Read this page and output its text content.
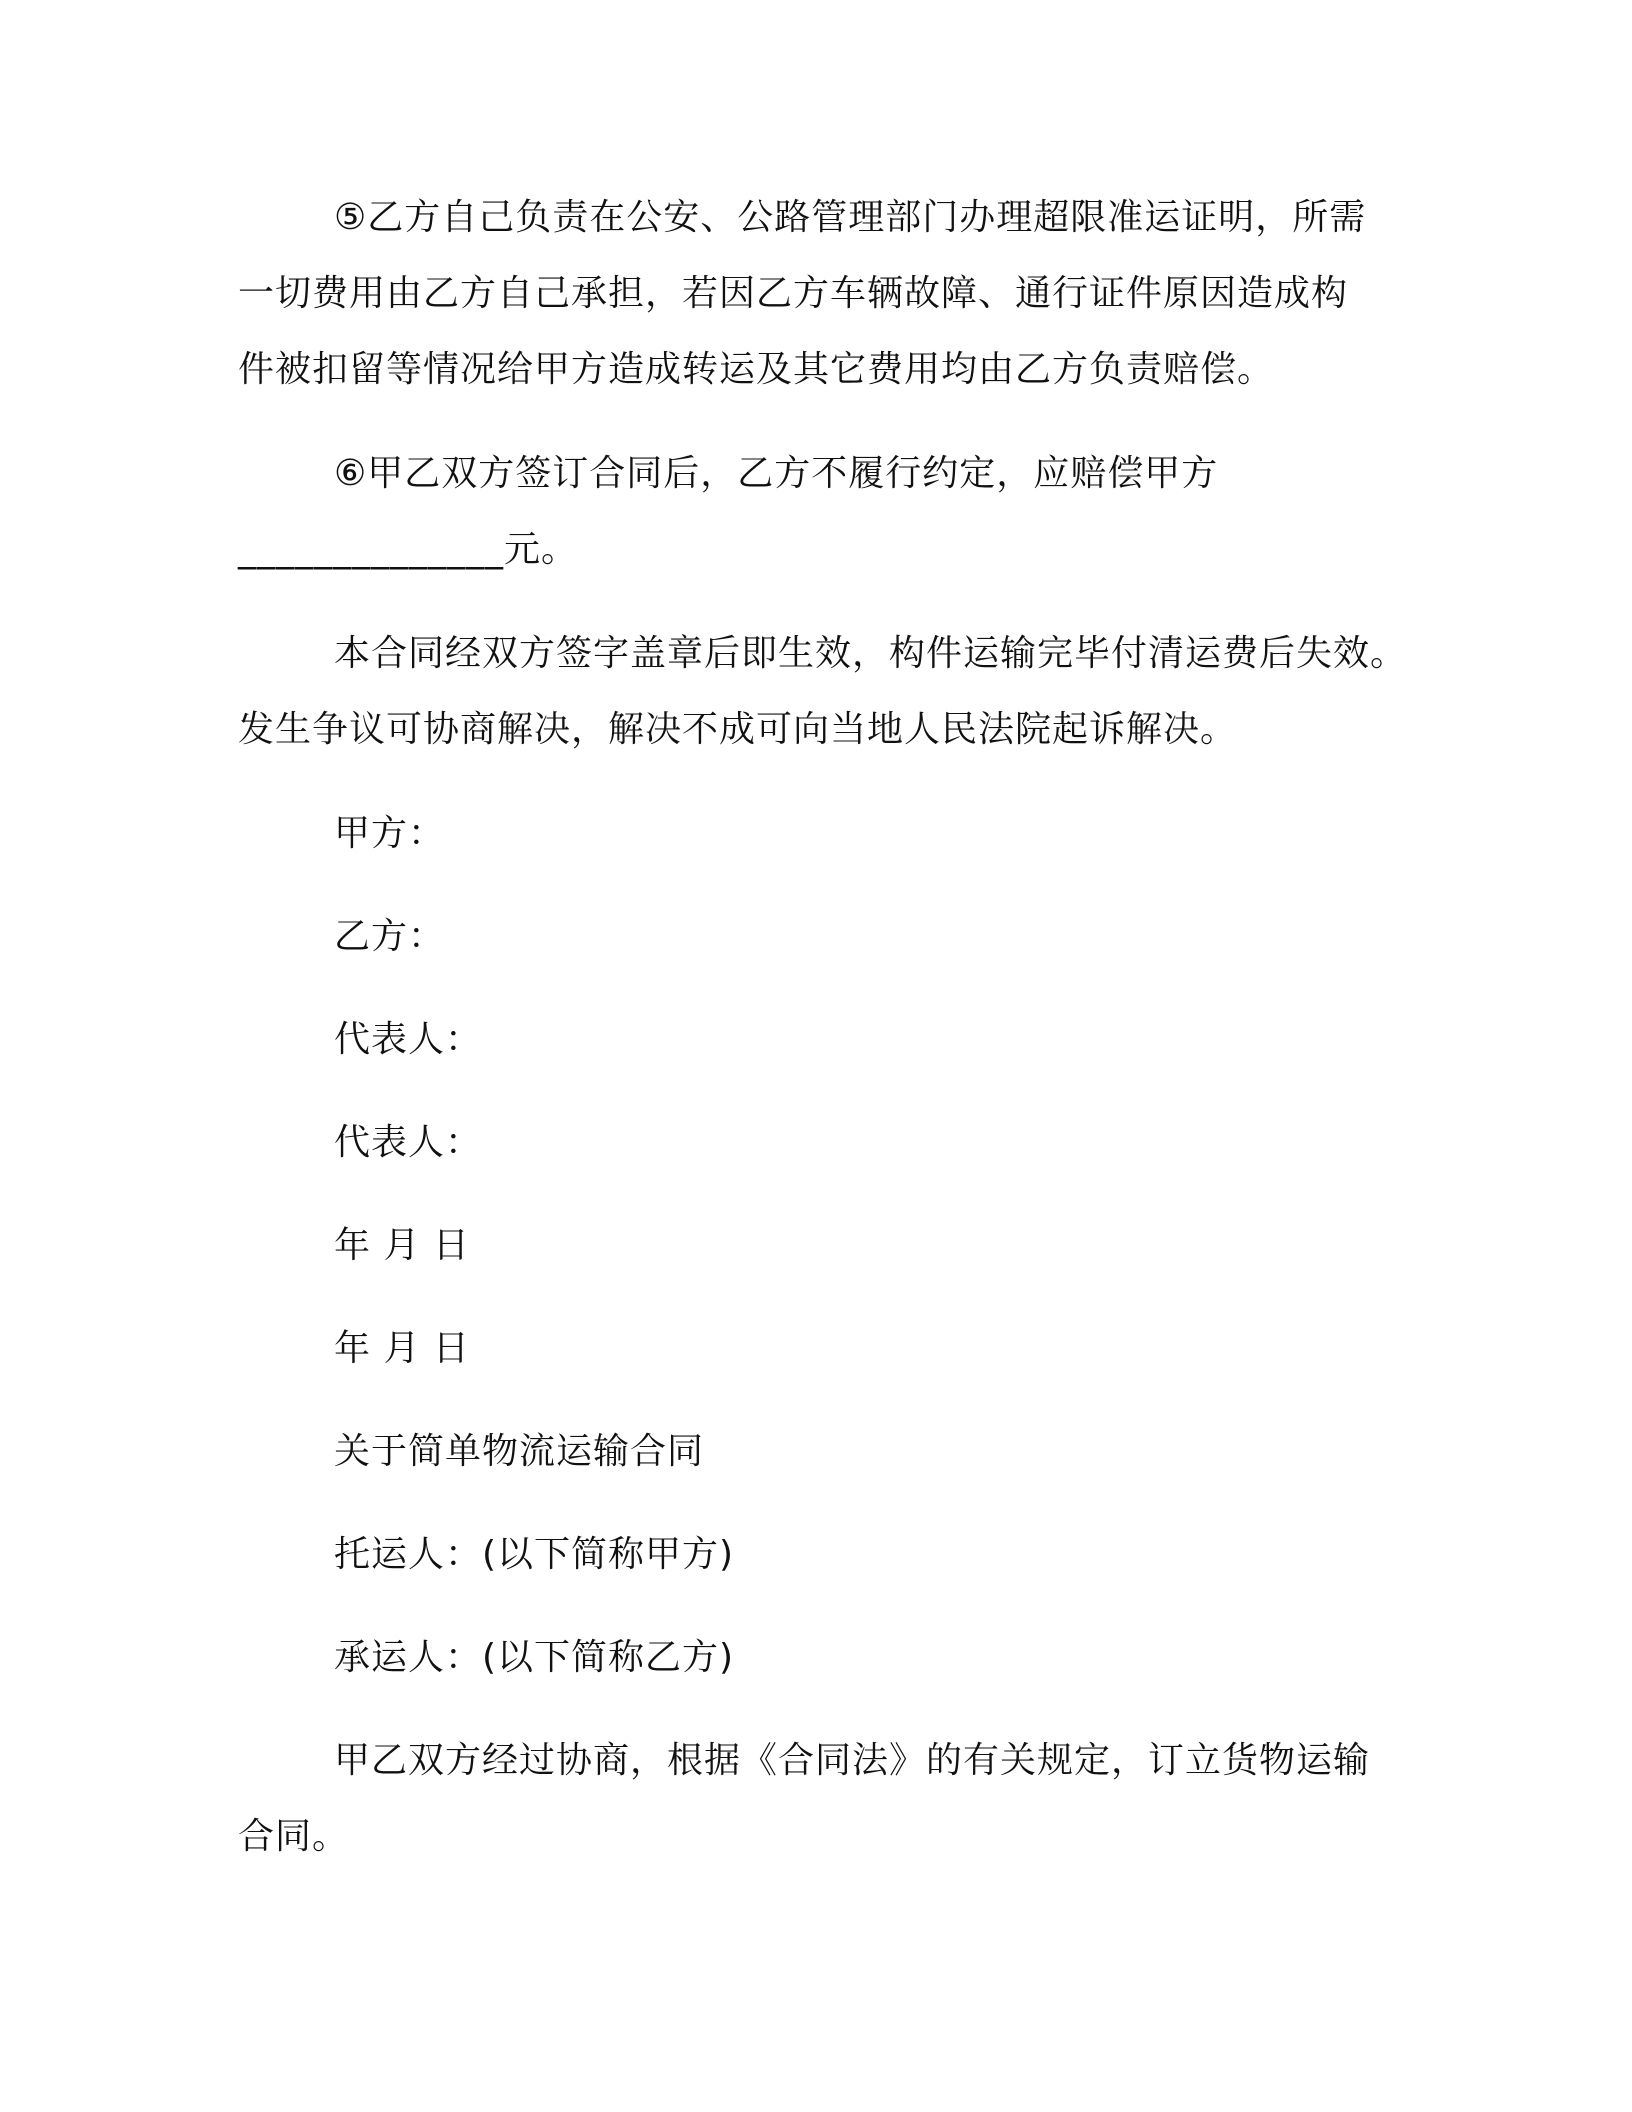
⑤乙方自己负责在公安、公路管理部门办理超限准运证明，所需
一切费用由乙方自己承担，若因乙方车辆故障、通行证件原因造成构
件被扣留等情况给甲方造成转运及其它费用均由乙方负责赔偿。
⑥甲乙双方签订合同后，乙方不履行约定，应赔偿甲方
______________元。
本合同经双方签字盖章后即生效，构件运输完毕付清运费后失效。
发生争议可协商解决，解决不成可向当地人民法院起诉解决。
甲方：
乙方：
代表人：
代表人：
年 月 日
年 月 日
关于简单物流运输合同
托运人：(以下简称甲方)
承运人：(以下简称乙方)
甲乙双方经过协商，根据《合同法》的有关规定，订立货物运输
合同。
